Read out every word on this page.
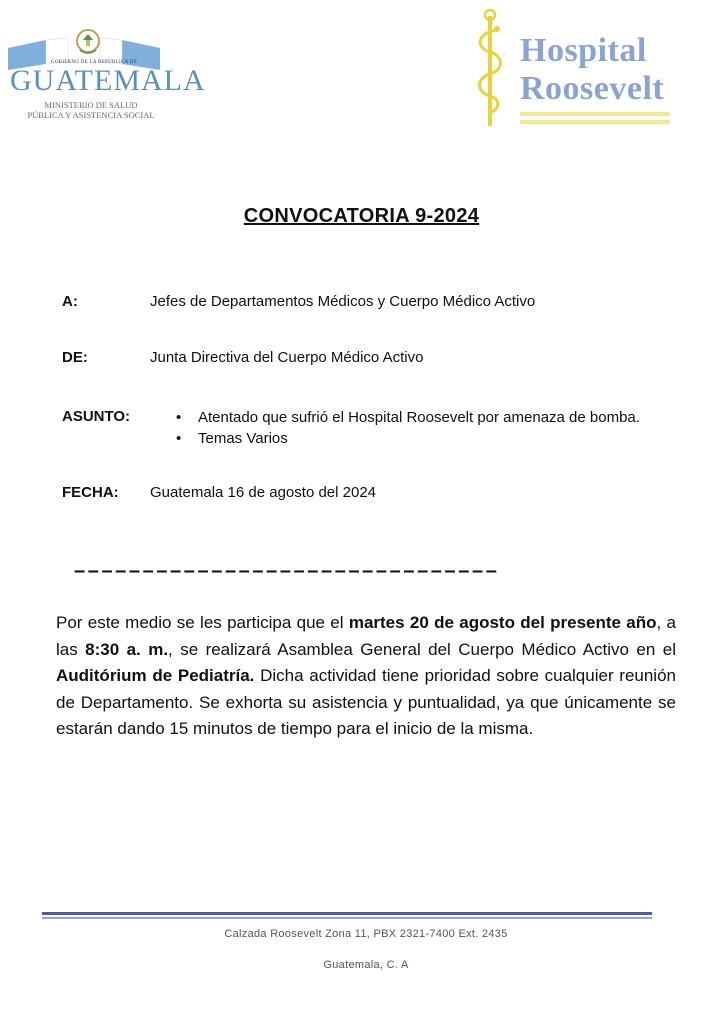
GOBIERNO DE LA REPÚBLICA DE
GUATEMALA
MINISTERIO DE SALUD
PÚBLICA Y ASISTENCIA SOCIAL
Hospital
Roosevelt
CONVOCATORIA 9-2024
A:	Jefes de Departamentos Médicos y Cuerpo Médico Activo
DE:	Junta Directiva del Cuerpo Médico Activo
ASUNTO:
•	Atentado que sufrió el Hospital Roosevelt por amenaza de bomba.
• Temas Varios
FECHA: Guatemala 16 de agosto del 2024
–––––––––––––––––––––––––––––––

Por este medio se les participa que el martes 20 de agosto del presente año, a las 8:30 a. m., se realizará Asamblea General del Cuerpo Médico Activo en el Auditórium de Pediatría. Dicha actividad tiene prioridad sobre cualquier reunión de Departamento. Se exhorta su asistencia y puntualidad, ya que únicamente se estarán dando 15 minutos de tiempo para el inicio de la misma.

Calzada Roosevelt Zona 11, PBX 2321-7400 Ext. 2435
Guatemala, C. A
